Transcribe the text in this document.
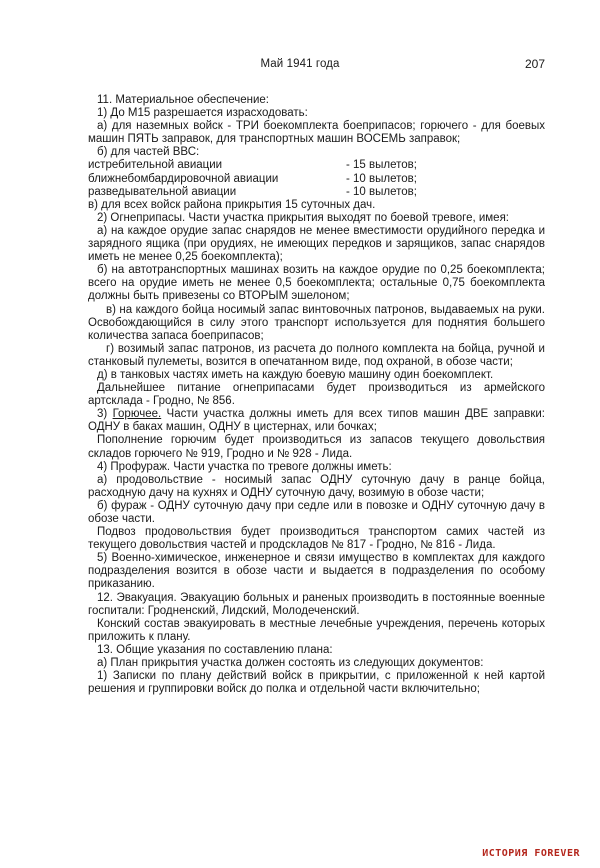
Май 1941 года	207

11. Материальное обеспечение:

1) До М15 разрешается израсходовать:

а) для наземных войск - ТРИ боекомплекта боеприпасов; горючего - для боевых машин ПЯТЬ заправок, для транспортных машин ВОСЕМЬ заправок;

б) для частей ВВС:

истребительной авиации	- 15 вылетов;
ближнебомбардировочной авиации	- 10 вылетов;
разведывательной авиации	- 10 вылетов;

в) для всех войск района прикрытия 15 суточных дач.

2) Огнеприпасы. Части участка прикрытия выходят по боевой тревоге, имея:

а) на каждое орудие запас снарядов не менее вместимости орудийного передка и зарядного ящика (при орудиях, не имеющих передков и зарящиков, запас снарядов иметь не менее 0,25 боекомплекта);

б) на автотранспортных машинах возить на каждое орудие по 0,25 боекомплекта; всего на орудие иметь не менее 0,5 боекомплекта; остальные 0,75 боекомплекта должны быть привезены со ВТОРЫМ эшелоном;

в) на каждого бойца носимый запас винтовочных патронов, выдаваемых на руки. Освобождающийся в силу этого транспорт используется для поднятия большего количества запаса боеприпасов;

г) возимый запас патронов, из расчета до полного комплекта на бойца, ручной и станковый пулеметы, возится в опечатанном виде, под охраной, в обозе части;

д) в танковых частях иметь на каждую боевую машину один боекомплект.

Дальнейшее питание огнеприпасами будет производиться из армейского артсклада - Гродно, № 856.

3) Горючее. Части участка должны иметь для всех типов машин ДВЕ заправки: ОДНУ в баках машин, ОДНУ в цистернах, или бочках;

Пополнение горючим будет производиться из запасов текущего довольствия складов горючего № 919, Гродно и № 928 - Лида.

4) Профураж. Части участка по тревоге должны иметь:

а) продовольствие - носимый запас ОДНУ суточную дачу в ранце бойца, расходную дачу на кухнях и ОДНУ суточную дачу, возимую в обозе части;

б) фураж - ОДНУ суточную дачу при седле или в повозке и ОДНУ суточную дачу в обозе части.

Подвоз продовольствия будет производиться транспортом самих частей из текущего довольствия частей и продскладов № 817 - Гродно, № 816 - Лида.

5) Военно-химическое, инженерное и связи имущество в комплектах для каждого подразделения возится в обозе части и выдается в подразделения по особому приказанию.

12. Эвакуация. Эвакуацию больных и раненых производить в постоянные военные госпитали: Гродненский, Лидский, Молодеченский.

Конский состав эвакуировать в местные лечебные учреждения, перечень которых приложить к плану.

13. Общие указания по составлению плана:

а) План прикрытия участка должен состоять из следующих документов:

1) Записки по плану действий войск в прикрытии, с приложенной к ней картой решения и группировки войск до полка и отдельной части включительно;

ИСТОРИЯ FOREVER
